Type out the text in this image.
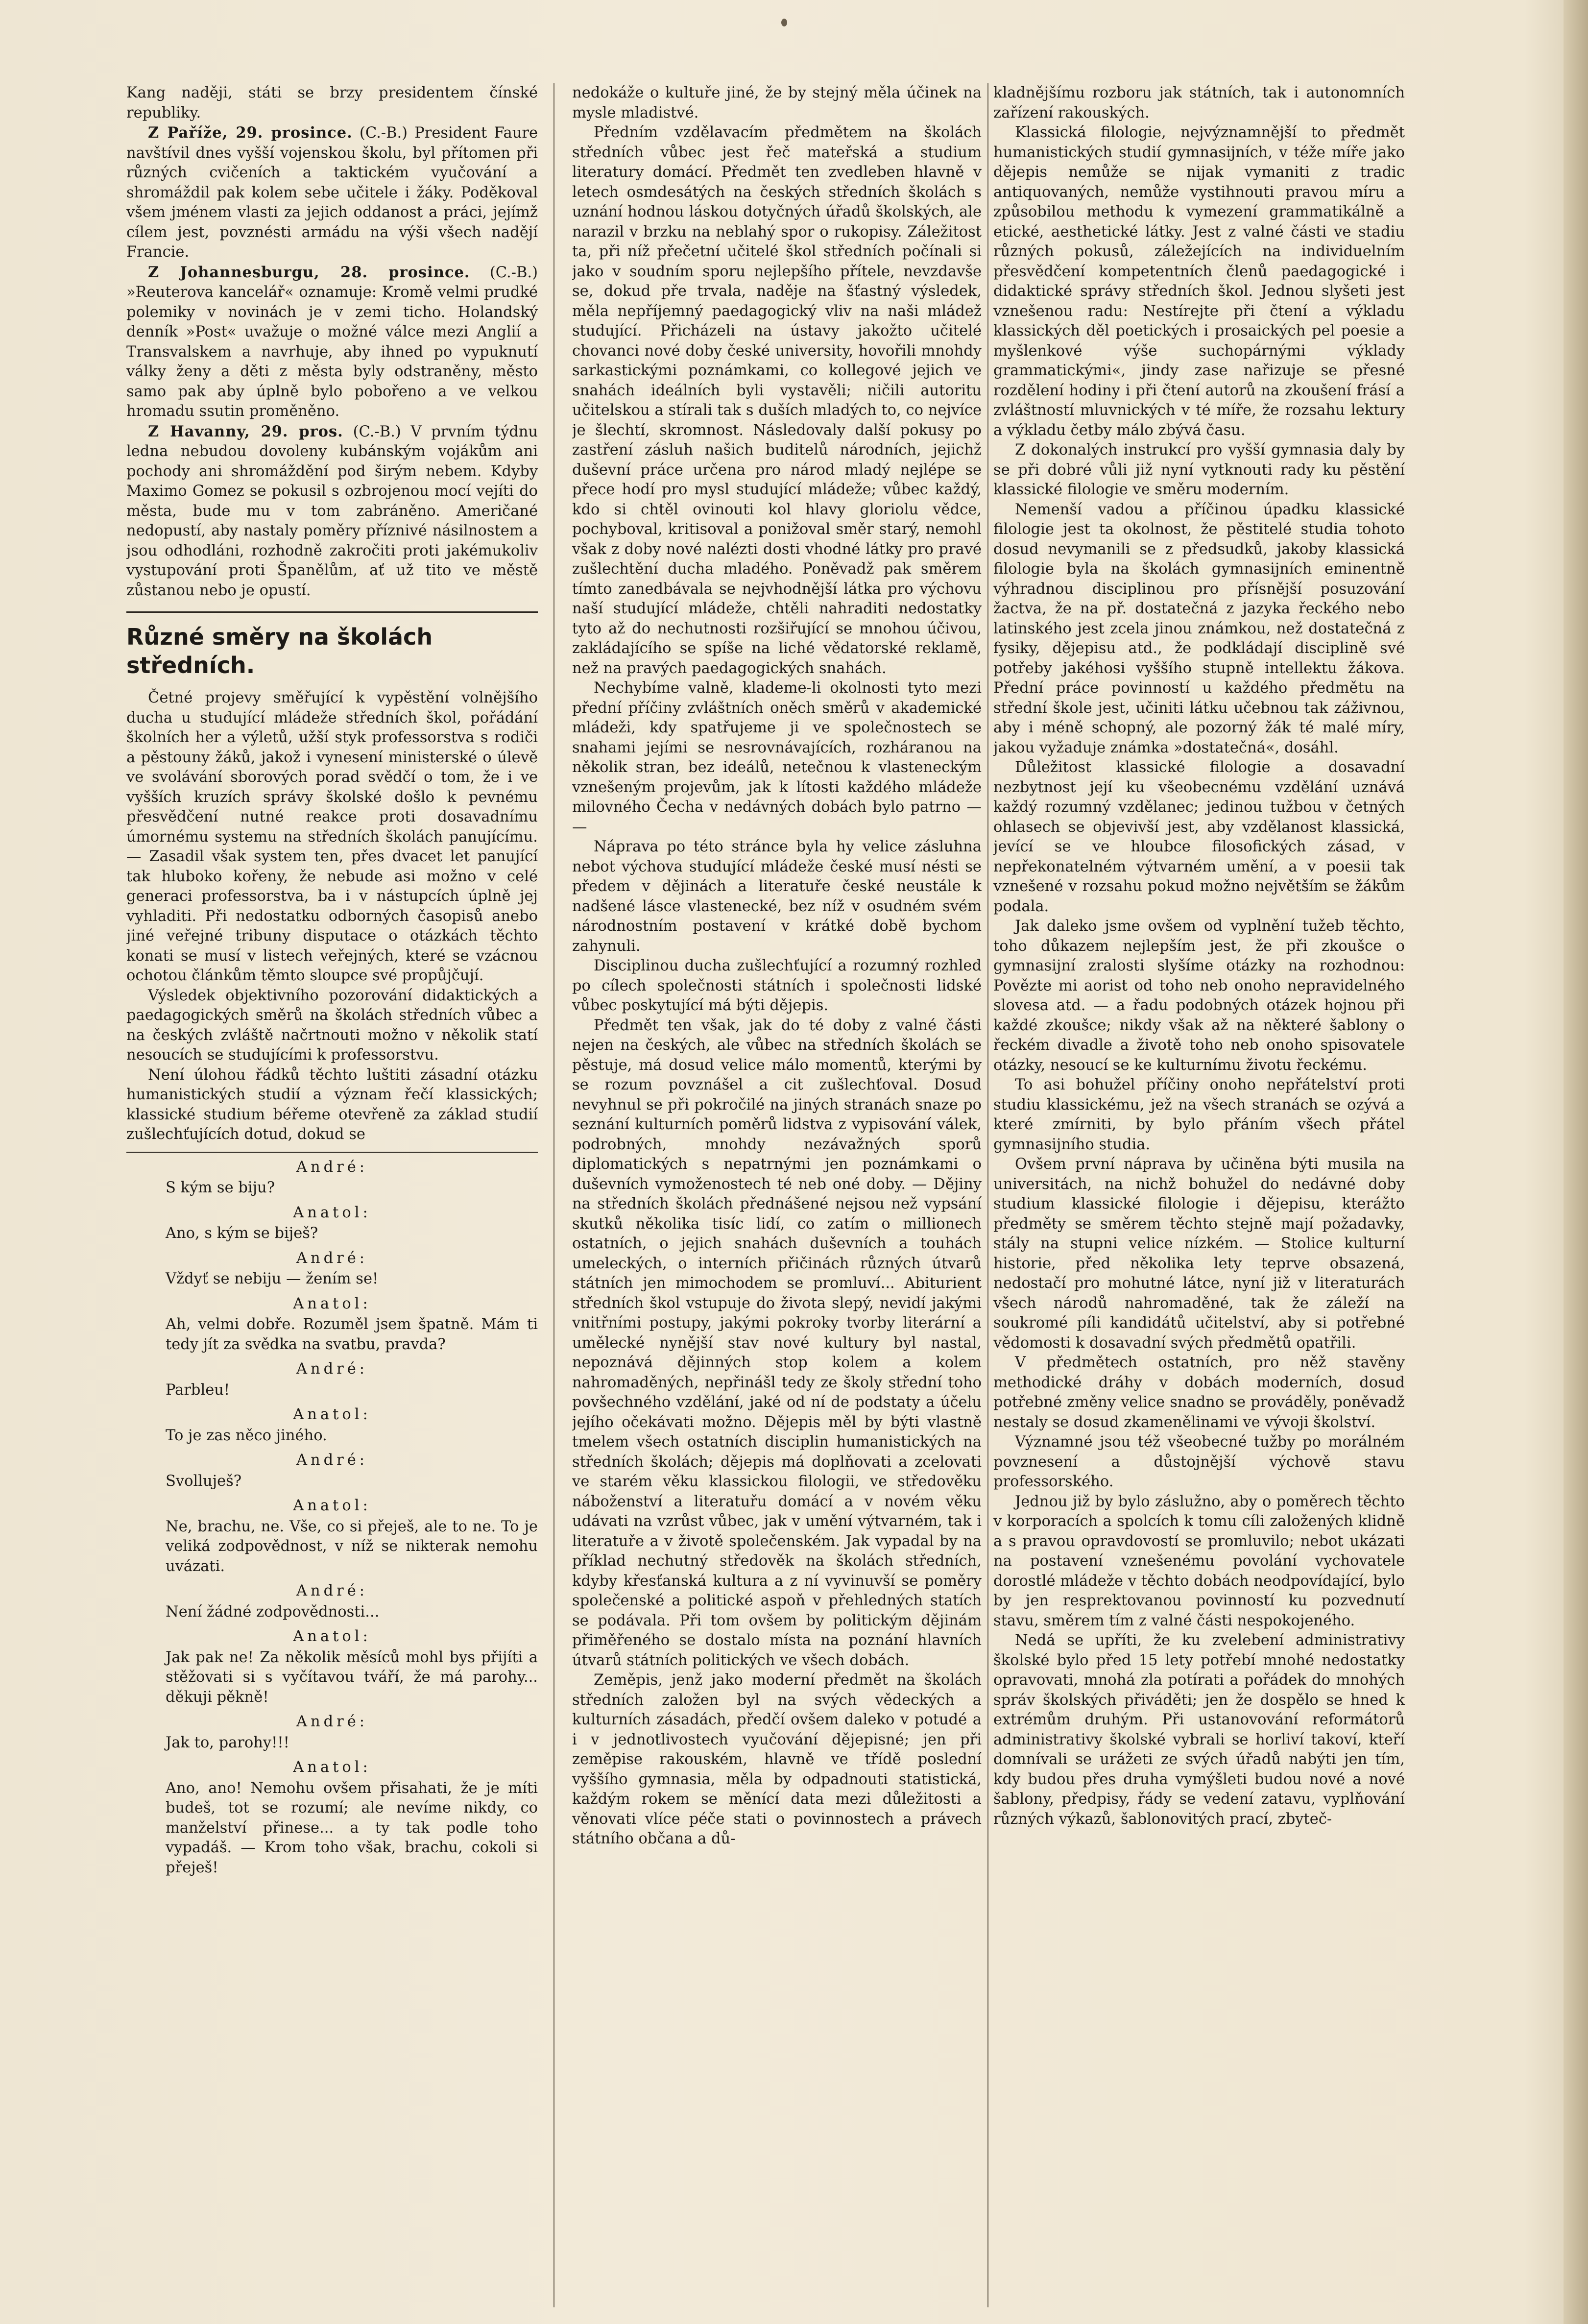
Kang naději, státi se brzy presidentem čínské republiky.

Z Paříže, 29. prosince. (C.-B.) President Faure navštívil dnes vyšší vojenskou školu, byl přítomen při různých cvičeních a taktickém vyučování a shromáždil pak kolem sebe učitele i žáky. Poděkoval všem jménem vlasti za jejich oddanost a práci, jejímž cílem jest, povznésti armádu na výši všech nadějí Francie.

Z Johannesburgu, 28. prosince. (C.-B.) »Reuterova kancelář« oznamuje: Kromě velmi prudké polemiky v novinách je v zemi ticho. Holandský denník »Post« uvažuje o možné válce mezi Anglií a Transvalskem a navrhuje, aby ihned po vypuknutí války ženy a děti z města byly odstraněny, město samo pak aby úplně bylo pobořeno a ve velkou hromadu ssutin proměněno.

Z Havanny, 29. pros. (C.-B.) V prvním týdnu ledna nebudou dovoleny kubánským vojákům ani pochody ani shromáždění pod širým nebem. Kdyby Maximo Gomez se pokusil s ozbrojenou mocí vejíti do města, bude mu v tom zabráněno. Američané nedopustí, aby nastaly poměry příznivé násilnostem a jsou odhodláni, rozhodně zakročiti proti jakémukoliv vystupování proti Španělům, ať už tito ve městě zůstanou nebo je opustí.

Různé směry na školách středních.

Četné projevy směřující k vypěstění volnějšího ducha u studující mládeže středních škol, pořádání školních her a výletů, užší styk professorstva s rodiči a pěstouny žáků, jakož i vynesení ministerské o úlevě ve svolávání sborových porad svědčí o tom, že i ve vyšších kruzích správy školské došlo k pevnému přesvědčení nutné reakce proti dosavadnímu úmornému systemu na středních školách panujícímu. — Zasadil však system ten, přes dvacet let panující tak hluboko kořeny, že nebude asi možno v celé generaci professorstva, ba i v nástupcích úplně jej vyhladiti. Při nedostatku odborných časopisů anebo jiné veřejné tribuny disputace o otázkách těchto konati se musí v listech veřejných, které se vzácnou ochotou článkům těmto sloupce své propůjčují.

Výsledek objektivního pozorování didaktických a paedagogických směrů na školách středních vůbec a na českých zvláště načrtnouti možno v několik statí nesoucích se studujícími k professorstvu.

Není úlohou řádků těchto luštiti zásadní otázku humanistických studií a význam řečí klassických; klassické studium béřeme otevřeně za základ studií zušlechťujících dotud, dokud se

André:

S kým se biju?

Anatol:

Ano, s kým se biješ?

André:

Vždyť se nebiju — žením se!

Anatol:

Ah, velmi dobře. Rozuměl jsem špatně. Mám ti tedy jít za svědka na svatbu, pravda?

André:

Parbleu!

Anatol:

To je zas něco jiného.

André:

Svolluješ?

Anatol:

Ne, brachu, ne. Vše, co si přeješ, ale to ne. To je veliká zodpovědnost, v níž se nikterak nemohu uvázati.

André:

Není žádné zodpovědnosti...

Anatol:

Jak pak ne! Za několik měsíců mohl bys přijíti a stěžovati si s vyčítavou tváří, že má parohy... děkuji pěkně!

André:

Jak to, parohy!!!

Anatol:

Ano, ano! Nemohu ovšem přisahati, že je míti budeš, tot se rozumí; ale nevíme nikdy, co manželství přinese... a ty tak podle toho vypadáš. — Krom toho však, brachu, cokoli si přeješ!

nedokáže o kultuře jiné, že by stejný měla účinek na mysle mladistvé.

Předním vzdělavacím předmětem na školách středních vůbec jest řeč mateřská a studium literatury domácí. Předmět ten zvedleben hlavně v letech osmdesátých na českých středních školách s uznání hodnou láskou dotyčných úřadů školských, ale narazil v brzku na neblahý spor o rukopisy. Záležitost ta, při níž přečetní učitelé škol středních počínali si jako v soudním sporu nejlepšího přítele, nevzdavše se, dokud pře trvala, naděje na šťastný výsledek, měla nepříjemný paedagogický vliv na naši mládež studující. Přicházeli na ústavy jakožto učitelé chovanci nové doby české university, hovořili mnohdy sarkastickými poznámkami, co kollegové jejich ve snahách ideálních byli vystavěli; ničili autoritu učitelskou a stírali tak s duších mladých to, co nejvíce je šlechtí, skromnost. Následovaly další pokusy po zastření zásluh našich buditelů národních, jejichž duševní práce určena pro národ mladý nejlépe se přece hodí pro mysl studující mládeže; vůbec každý, kdo si chtěl ovinouti kol hlavy gloriolu vědce, pochyboval, kritisoval a ponižoval směr starý, nemohl však z doby nové nalézti dosti vhodné látky pro pravé zušlechtění ducha mladého. Poněvadž pak směrem tímto zanedbávala se nejvhodnější látka pro výchovu naší studující mládeže, chtěli nahraditi nedostatky tyto až do nechutnosti rozšiřující se mnohou účivou, zakládajícího se spíše na liché vědatorské reklamě, než na pravých paedagogických snahách.

Nechybíme valně, klademe-li okolnosti tyto mezi přední příčiny zvláštních oněch směrů v akademické mládeži, kdy spatřujeme ji ve společnostech se snahami jejími se nesrovnávajících, rozháranou na několik stran, bez ideálů, netečnou k vlasteneckým vznešeným projevům, jak k lítosti každého mládeže milovného Čecha v nedávných dobách bylo patrno — —

Náprava po této stránce byla hy velice zásluhna nebot výchova studující mládeže české musí nésti se předem v dějinách a literatuře české neustále k nadšené lásce vlastenecké, bez níž v osudném svém národnostním postavení v krátké době bychom zahynuli.

Disciplinou ducha zušlechťující a rozumný rozhled po cílech společnosti státních i společnosti lidské vůbec poskytující má býti dějepis.

Předmět ten však, jak do té doby z valné části nejen na českých, ale vůbec na středních školách se pěstuje, má dosud velice málo momentů, kterými by se rozum povznášel a cit zušlechťoval. Dosud nevyhnul se při pokročilé na jiných stranách snaze po seznání kulturních poměrů lidstva z vypisování válek, podrobných, mnohdy nezávažných sporů diplomatických s nepatrnými jen poznámkami o duševních vymoženostech té neb oné doby. — Dějiny na středních školách přednášené nejsou než vypsání skutků několika tisíc lidí, co zatím o millionech ostatních, o jejich snahách duševních a touhách umeleckých, o interních přičinách různých útvarů státních jen mimochodem se promluví... Abiturient středních škol vstupuje do života slepý, nevidí jakými vnitřními postupy, jakými pokroky tvorby literární a umělecké nynější stav nové kultury byl nastal, nepoznává dějinných stop kolem a kolem nahromaděných, nepřinášl tedy ze školy střední toho povšechného vzdělání, jaké od ní de podstaty a účelu jejího očekávati možno. Dějepis měl by býti vlastně tmelem všech ostatních disciplin humanistických na středních školách; dějepis má doplňovati a zcelovati ve starém věku klassickou filologii, ve středověku náboženství a literatuřu domácí a v novém věku udávati na vzrůst vůbec, jak v umění výtvarném, tak i literatuře a v životě společenském. Jak vypadal by na příklad nechutný středověk na školách středních, kdyby křesťanská kultura a z ní vyvinuvší se poměry společenské a politické aspoň v přehledných statích se podávala. Při tom ovšem by politickým dějinám přiměřeného se dostalo místa na poznání hlavních útvarů státních politických ve všech dobách.

Zeměpis, jenž jako moderní předmět na školách středních založen byl na svých vědeckých a kulturních zásadách, předčí ovšem daleko v potudé a i v jednotlivostech vyučování dějepisné; jen při zeměpise rakouském, hlavně ve třídě poslední vyššího gymnasia, měla by odpadnouti statistická, každým rokem se měnící data mezi důležitosti a věnovati vlíce péče stati o povinnostech a právech státního občana a dů-

kladnějšímu rozboru jak státních, tak i autonomních zařízení rakouských.

Klassická filologie, nejvýznamnější to předmět humanistických studií gymnasijních, v téže míře jako dějepis nemůže se nijak vymaniti z tradic antiquovaných, nemůže vystihnouti pravou míru a způsobilou methodu k vymezení grammatikálně a etické, aesthetické látky. Jest z valné části ve stadiu různých pokusů, záležejících na individuelním přesvědčení kompetentních členů paedagogické i didaktické správy středních škol. Jednou slyšeti jest vznešenou radu: Nestírejte při čtení a výkladu klassických děl poetických i prosaických pel poesie a myšlenkové výše suchopárnými výklady grammatickými«, jindy zase nařizuje se přesné rozdělení hodiny i při čtení autorů na zkoušení frásí a zvláštností mluvnických v té míře, že rozsahu lektury a výkladu četby málo zbývá času.

Z dokonalých instrukcí pro vyšší gymnasia daly by se při dobré vůli již nyní vytknouti rady ku pěstění klassické filologie ve směru moderním.

Nemenší vadou a příčinou úpadku klassické filologie jest ta okolnost, že pěstitelé studia tohoto dosud nevymanili se z předsudků, jakoby klassická filologie byla na školách gymnasijních eminentně výhradnou disciplinou pro přísnější posuzování žactva, že na př. dostatečná z jazyka řeckého nebo latinského jest zcela jinou známkou, než dostatečná z fysiky, dějepisu atd., že podkládají disciplině své potřeby jakéhosi vyššího stupně intellektu žákova. Přední práce povinností u každého předmětu na střední škole jest, učiniti látku učebnou tak záživnou, aby i méně schopný, ale pozorný žák té malé míry, jakou vyžaduje známka »dostatečná«, dosáhl.

Důležitost klassické filologie a dosavadní nezbytnost její ku všeobecnému vzdělání uznává každý rozumný vzdělanec; jedinou tužbou v četných ohlasech se objevivší jest, aby vzdělanost klassická, jevící se ve hloubce filosofických zásad, v nepřekonatelném výtvarném umění, a v poesii tak vznešené v rozsahu pokud možno největším se žákům podala.

Jak daleko jsme ovšem od vyplnění tužeb těchto, toho důkazem nejlepším jest, že při zkoušce o gymnasijní zralosti slyšíme otázky na rozhodnou: Povězte mi aorist od toho neb onoho nepravidelného slovesa atd. — a řadu podobných otázek hojnou při každé zkoušce; nikdy však až na některé šablony o řeckém divadle a životě toho neb onoho spisovatele otázky, nesoucí se ke kulturnímu životu řeckému.

To asi bohužel příčiny onoho nepřátelství proti studiu klassickému, jež na všech stranách se ozývá a které zmírniti, by bylo přáním všech přátel gymnasijního studia.

Ovšem první náprava by učiněna býti musila na universitách, na nichž bohužel do nedávné doby studium klassické filologie i dějepisu, kterážto předměty se směrem těchto stejně mají požadavky, stály na stupni velice nízkém. — Stolice kulturní historie, před několika lety teprve obsazená, nedostačí pro mohutné látce, nyní již v literaturách všech národů nahromaděné, tak že záleží na soukromé píli kandidátů učitelství, aby si potřebné vědomosti k dosavadní svých předmětů opatřili.

V předmětech ostatních, pro něž stavěny methodické dráhy v dobách moderních, dosud potřebné změny velice snadno se prováděly, poněvadž nestaly se dosud zkamenělinami ve vývoji školství.

Významné jsou též všeobecné tužby po morálném povznesení a důstojnější výchově stavu professorského.

Jednou již by bylo záslužno, aby o poměrech těchto v korporacích a spolcích k tomu cíli založených klidně a s pravou opravdovostí se promluvilo; nebot ukázati na postavení vznešenému povolání vychovatele dorostlé mládeže v těchto dobách neodpovídající, bylo by jen resprektovanou povinností ku pozvednutí stavu, směrem tím z valné části nespokojeného.

Nedá se upříti, že ku zvelebení administrativy školské bylo před 15 lety potřebí mnohé nedostatky opravovati, mnohá zla potírati a pořádek do mnohých správ školských přiváděti; jen že dospělo se hned k extrémům druhým. Při ustanovování reformátorů administrativy školské vybrali se horliví takoví, kteří domnívali se urážeti ze svých úřadů nabýti jen tím, kdy budou přes druha vymýšleti budou nové a nové šablony, předpisy, řády se vedení zatavu, vyplňování různých výkazů, šablonovitých prací, zbyteč-
